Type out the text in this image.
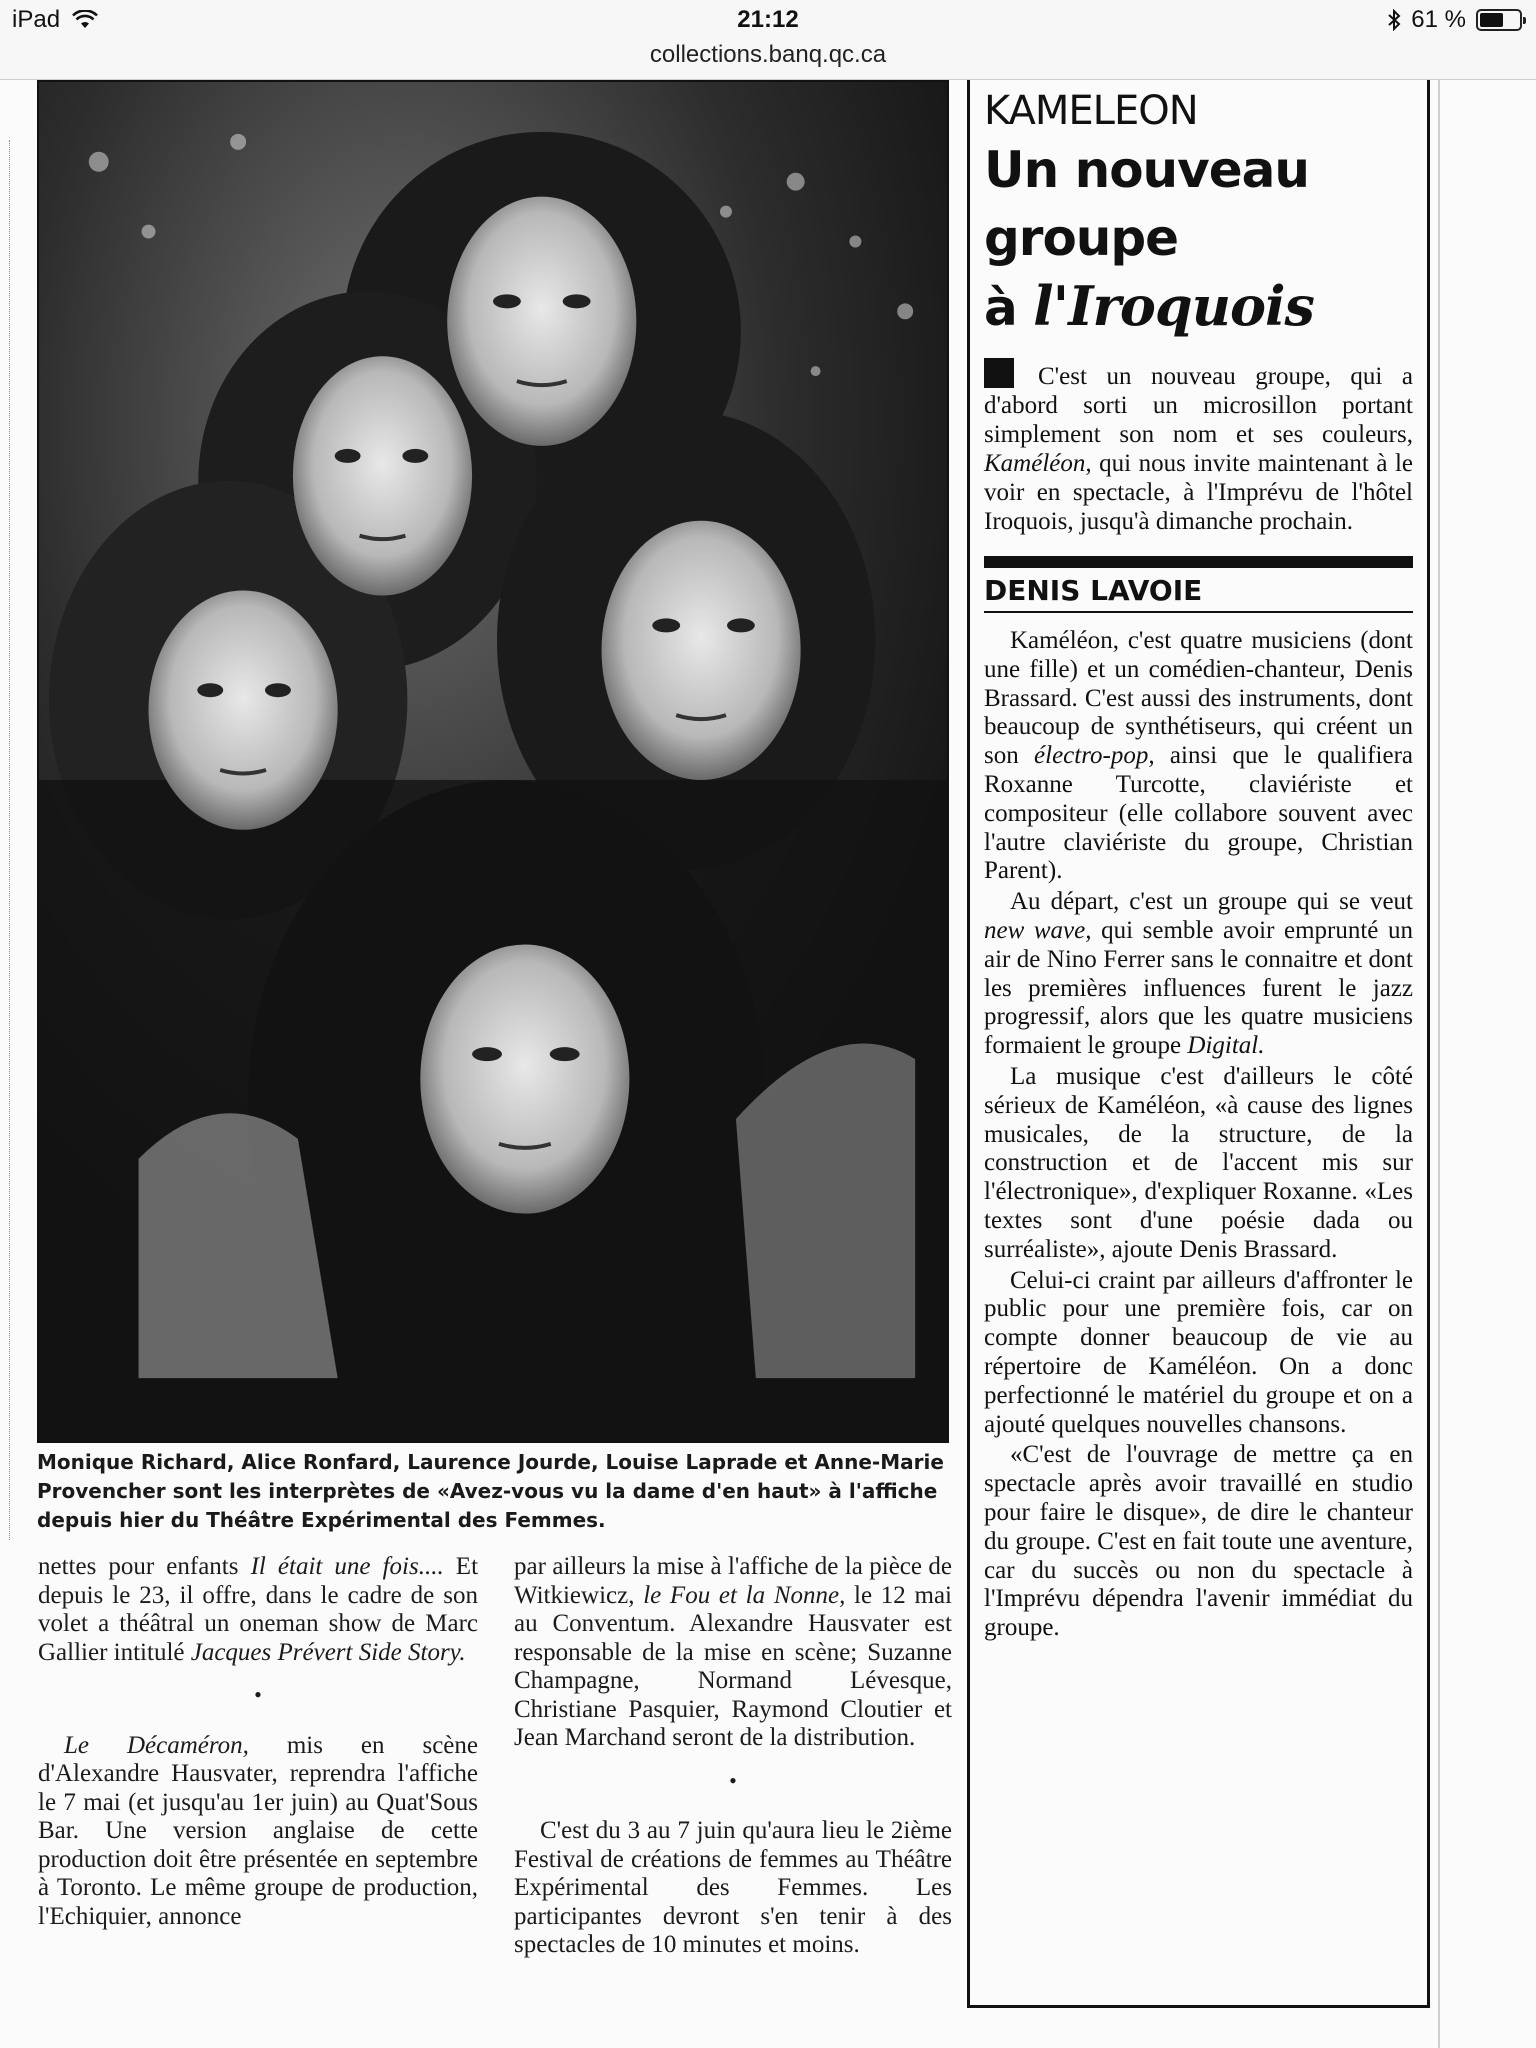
iPad	21:12	61 %
collections.banq.qc.ca
Monique Richard, Alice Ronfard, Laurence Jourde, Louise Laprade et Anne-Marie Provencher sont les interprètes de «Avez-vous vu la dame d'en haut» à l'affiche depuis hier du Théâtre Expérimental des Femmes.

nettes pour enfants Il était une fois.... Et depuis le 23, il offre, dans le cadre de son volet a théâtral un oneman show de Marc Gallier intitulé Jacques Prévert Side Story.

•

Le Décaméron, mis en scène d'Alexandre Hausvater, reprendra l'affiche le 7 mai (et jusqu'au 1er juin) au Quat'Sous Bar. Une version anglaise de cette production doit être présentée en septembre à Toronto. Le même groupe de production, l'Echiquier, annonce

par ailleurs la mise à l'affiche de la pièce de Witkiewicz, le Fou et la Nonne, le 12 mai au Conventum. Alexandre Hausvater est responsable de la mise en scène; Suzanne Champagne, Normand Lévesque, Christiane Pasquier, Raymond Cloutier et Jean Marchand seront de la distribution.

•

C'est du 3 au 7 juin qu'aura lieu le 2ième Festival de créations de femmes au Théâtre Expérimental des Femmes. Les participantes devront s'en tenir à des spectacles de 10 minutes et moins.

KAMELEON
Un nouveau
groupe
à l'Iroquois

C'est un nouveau groupe, qui a d'abord sorti un microsillon portant simplement son nom et ses couleurs, Kaméléon, qui nous invite maintenant à le voir en spectacle, à l'Imprévu de l'hôtel Iroquois, jusqu'à dimanche prochain.

DENIS LAVOIE

Kaméléon, c'est quatre musiciens (dont une fille) et un comédien-chanteur, Denis Brassard. C'est aussi des instruments, dont beaucoup de synthétiseurs, qui créent un son électro-pop, ainsi que le qualifiera Roxanne Turcotte, claviériste et compositeur (elle collabore souvent avec l'autre claviériste du groupe, Christian Parent).

Au départ, c'est un groupe qui se veut new wave, qui semble avoir emprunté un air de Nino Ferrer sans le connaitre et dont les premières influences furent le jazz progressif, alors que les quatre musiciens formaient le groupe Digital.

La musique c'est d'ailleurs le côté sérieux de Kaméléon, «à cause des lignes musicales, de la structure, de la construction et de l'accent mis sur l'électronique», d'expliquer Roxanne. «Les textes sont d'une poésie dada ou surréaliste», ajoute Denis Brassard.

Celui-ci craint par ailleurs d'affronter le public pour une première fois, car on compte donner beaucoup de vie au répertoire de Kaméléon. On a donc perfectionné le matériel du groupe et on a ajouté quelques nouvelles chansons.

«C'est de l'ouvrage de mettre ça en spectacle après avoir travaillé en studio pour faire le disque», de dire le chanteur du groupe. C'est en fait toute une aventure, car du succès ou non du spectacle à l'Imprévu dépendra l'avenir immédiat du groupe.
